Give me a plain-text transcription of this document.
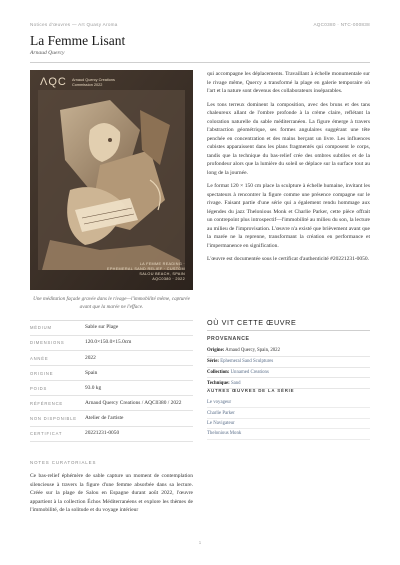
Notices d'œuvres — Art Quasy Aroma	AQC0380 · NTC-000838
La Femme Lisant
Arnaud Quercy
ΛQC Arnaud Quercy Creations
Commission 2022
LA FEMME READING ·
EPHEMERAL SAND RELIEF · CUSTOM
SALOU BEACH, SPAIN
AQC0380 · 2022
Une méditation façade gravée dans le rivage—l'immobilité même, capturée avant que la marée ne l'efface.
MÉDIUM	Sable sur Plage
DIMENSIONS	120.0×150.0×15.0cm
ANNÉE	2022
ORIGINE	Spain
POIDS	93.0 kg
RÉFÉRENCE	Arnaud Quercy Creations / AQC0380 / 2022
NON DISPONIBLE	Atelier de l'artiste
CERTIFICAT	20221231-0050
NOTES CURATORIALES
Ce bas-relief éphémère de sable capture un moment de contemplation silencieuse à travers la figure d'une femme absorbée dans sa lecture. Créée sur la plage de Salou en Espagne durant août 2022, l'œuvre appartient à la collection Échos Méditerranéens et explore les thèmes de l'immobilité, de la solitude et du voyage intérieur

qui accompagne les déplacements. Travaillant à échelle monumentale sur le rivage même, Quercy a transformé la plage en galerie temporaire où l'art et la nature sont devenus des collaborateurs inséparables.

Les tons terreux dominent la composition, avec des bruns et des tans chaleureux allant de l'ombre profonde à la crème claire, reflétant la coloration naturelle du sable méditerranéen. La figure émerge à travers l'abstraction géométrique, ses formes angulaires suggérant une tête penchée en concentration et des mains berçant un livre. Les influences cubistes apparaissent dans les plans fragmentés qui composent le corps, tandis que la technique du bas-relief crée des ombres subtiles et de la profondeur alors que la lumière du soleil se déplace sur la surface tout au long de la journée.

Le format 120 × 150 cm place la sculpture à échelle humaine, invitant les spectateurs à rencontrer la figure comme une présence compagne sur le rivage. Faisant partie d'une série qui a également rendu hommage aux légendes du jazz Thelonious Monk et Charlie Parker, cette pièce offrait un contrepoint plus introspectif—l'immobilité au milieu du son, la lecture au milieu de l'improvisation. L'œuvre n'a existé que brièvement avant que la marée ne la reprenne, transformant la création en performance et l'impermanence en signification.

L'œuvre est documentée sous le certificat d'authenticité #20221231-0050.

OÙ VIT CETTE ŒUVRE
PROVENANCE
Origine: Arnaud Quercy, Spain, 2022
Série: Ephemeral Sand Sculptures
Collection: Unnamed Creations
Technique: Sand
AUTRES ŒUVRES DE LA SÉRIE
Le voyageur
Charlie Parker
Le Navigateur
Thelonious Monk
1
